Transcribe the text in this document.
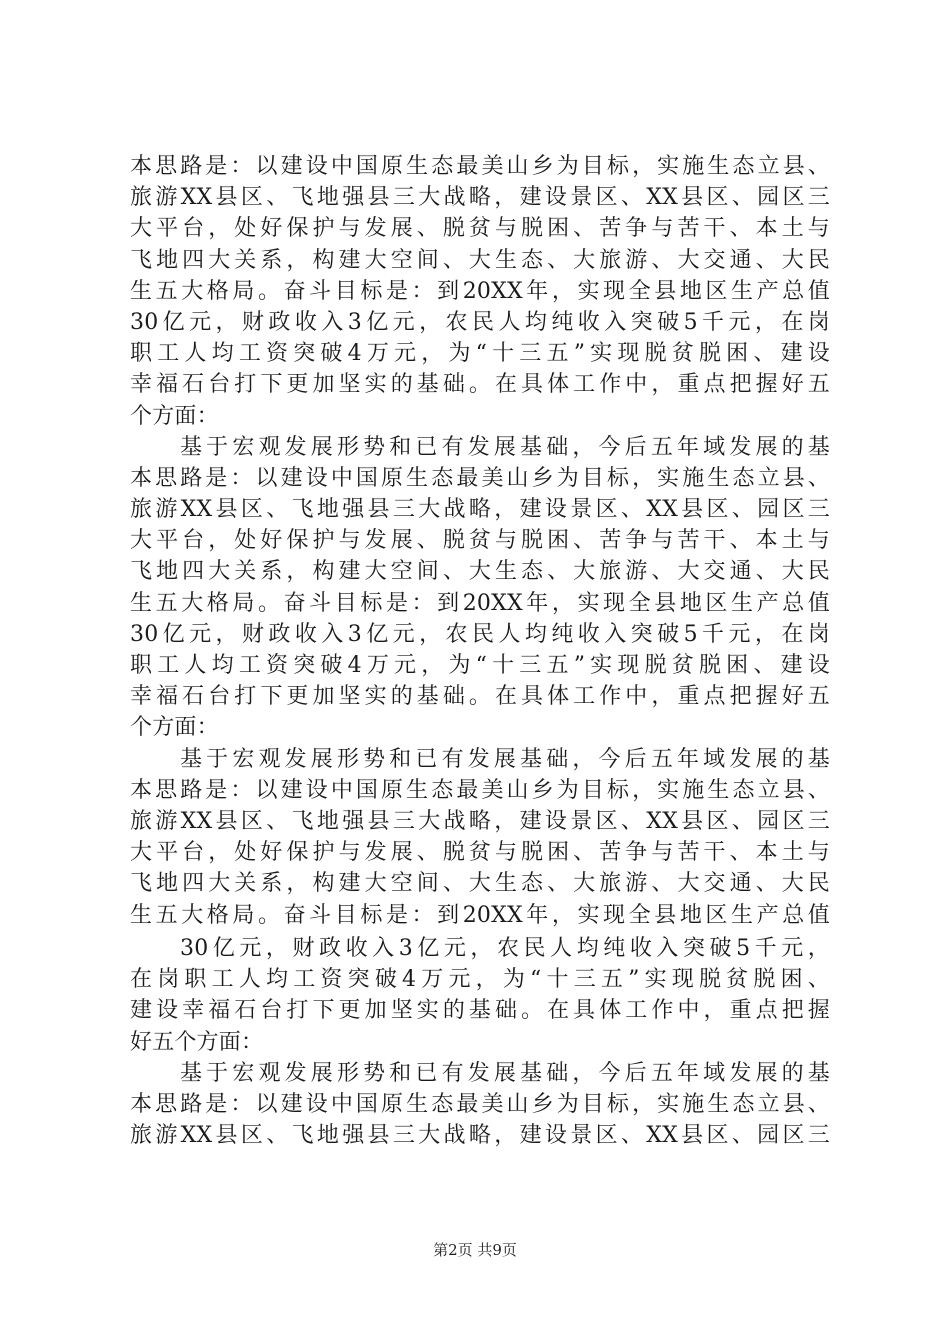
本思路是：以建设中国原生态最美山乡为目标，实施生态立县、
旅游XX县区、飞地强县三大战略，建设景区、XX县区、园区三
大平台，处好保护与发展、脱贫与脱困、苦争与苦干、本土与
飞地四大关系，构建大空间、大生态、大旅游、大交通、大民
生五大格局。奋斗目标是：到20XX年，实现全县地区生产总值
30亿元，财政收入3亿元，农民人均纯收入突破5千元，在岗
职工人均工资突破4万元，为“十三五”实现脱贫脱困、建设
幸福石台打下更加坚实的基础。在具体工作中，重点把握好五
个方面：
基于宏观发展形势和已有发展基础，今后五年域发展的基
本思路是：以建设中国原生态最美山乡为目标，实施生态立县、
旅游XX县区、飞地强县三大战略，建设景区、XX县区、园区三
大平台，处好保护与发展、脱贫与脱困、苦争与苦干、本土与
飞地四大关系，构建大空间、大生态、大旅游、大交通、大民
生五大格局。奋斗目标是：到20XX年，实现全县地区生产总值
30亿元，财政收入3亿元，农民人均纯收入突破5千元，在岗
职工人均工资突破4万元，为“十三五”实现脱贫脱困、建设
幸福石台打下更加坚实的基础。在具体工作中，重点把握好五
个方面：
基于宏观发展形势和已有发展基础，今后五年域发展的基
本思路是：以建设中国原生态最美山乡为目标，实施生态立县、
旅游XX县区、飞地强县三大战略，建设景区、XX县区、园区三
大平台，处好保护与发展、脱贫与脱困、苦争与苦干、本土与
飞地四大关系，构建大空间、大生态、大旅游、大交通、大民
生五大格局。奋斗目标是：到20XX年，实现全县地区生产总值
30亿元，财政收入3亿元，农民人均纯收入突破5千元，
在岗职工人均工资突破4万元，为“十三五”实现脱贫脱困、
建设幸福石台打下更加坚实的基础。在具体工作中，重点把握
好五个方面：
基于宏观发展形势和已有发展基础，今后五年域发展的基
本思路是：以建设中国原生态最美山乡为目标，实施生态立县、
旅游XX县区、飞地强县三大战略，建设景区、XX县区、园区三
第2页 共9页
